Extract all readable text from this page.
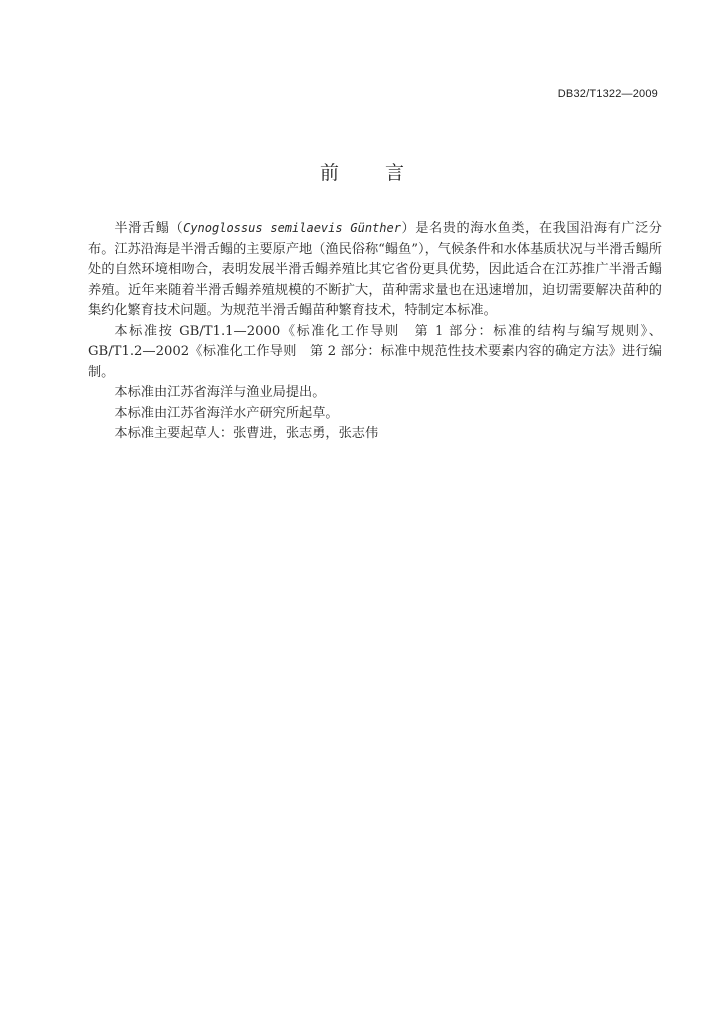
DB32/T1322—2009
前 言

半滑舌鳎（Cynoglossus semilaevis Günther）是名贵的海水鱼类，在我国沿海有广泛分布。江苏沿海是半滑舌鳎的主要原产地（渔民俗称“鳎鱼”），气候条件和水体基质状况与半滑舌鳎所处的自然环境相吻合，表明发展半滑舌鳎养殖比其它省份更具优势，因此适合在江苏推广半滑舌鳎养殖。近年来随着半滑舌鳎养殖规模的不断扩大，苗种需求量也在迅速增加，迫切需要解决苗种的集约化繁育技术问题。为规范半滑舌鳎苗种繁育技术，特制定本标准。

本标准按 GB/T1.1—2000《标准化工作导则　第 1 部分：标准的结构与编写规则》、GB/T1.2—2002《标准化工作导则　第 2 部分：标准中规范性技术要素内容的确定方法》进行编制。

本标准由江苏省海洋与渔业局提出。

本标准由江苏省海洋水产研究所起草。

本标准主要起草人：张曹进，张志勇，张志伟
